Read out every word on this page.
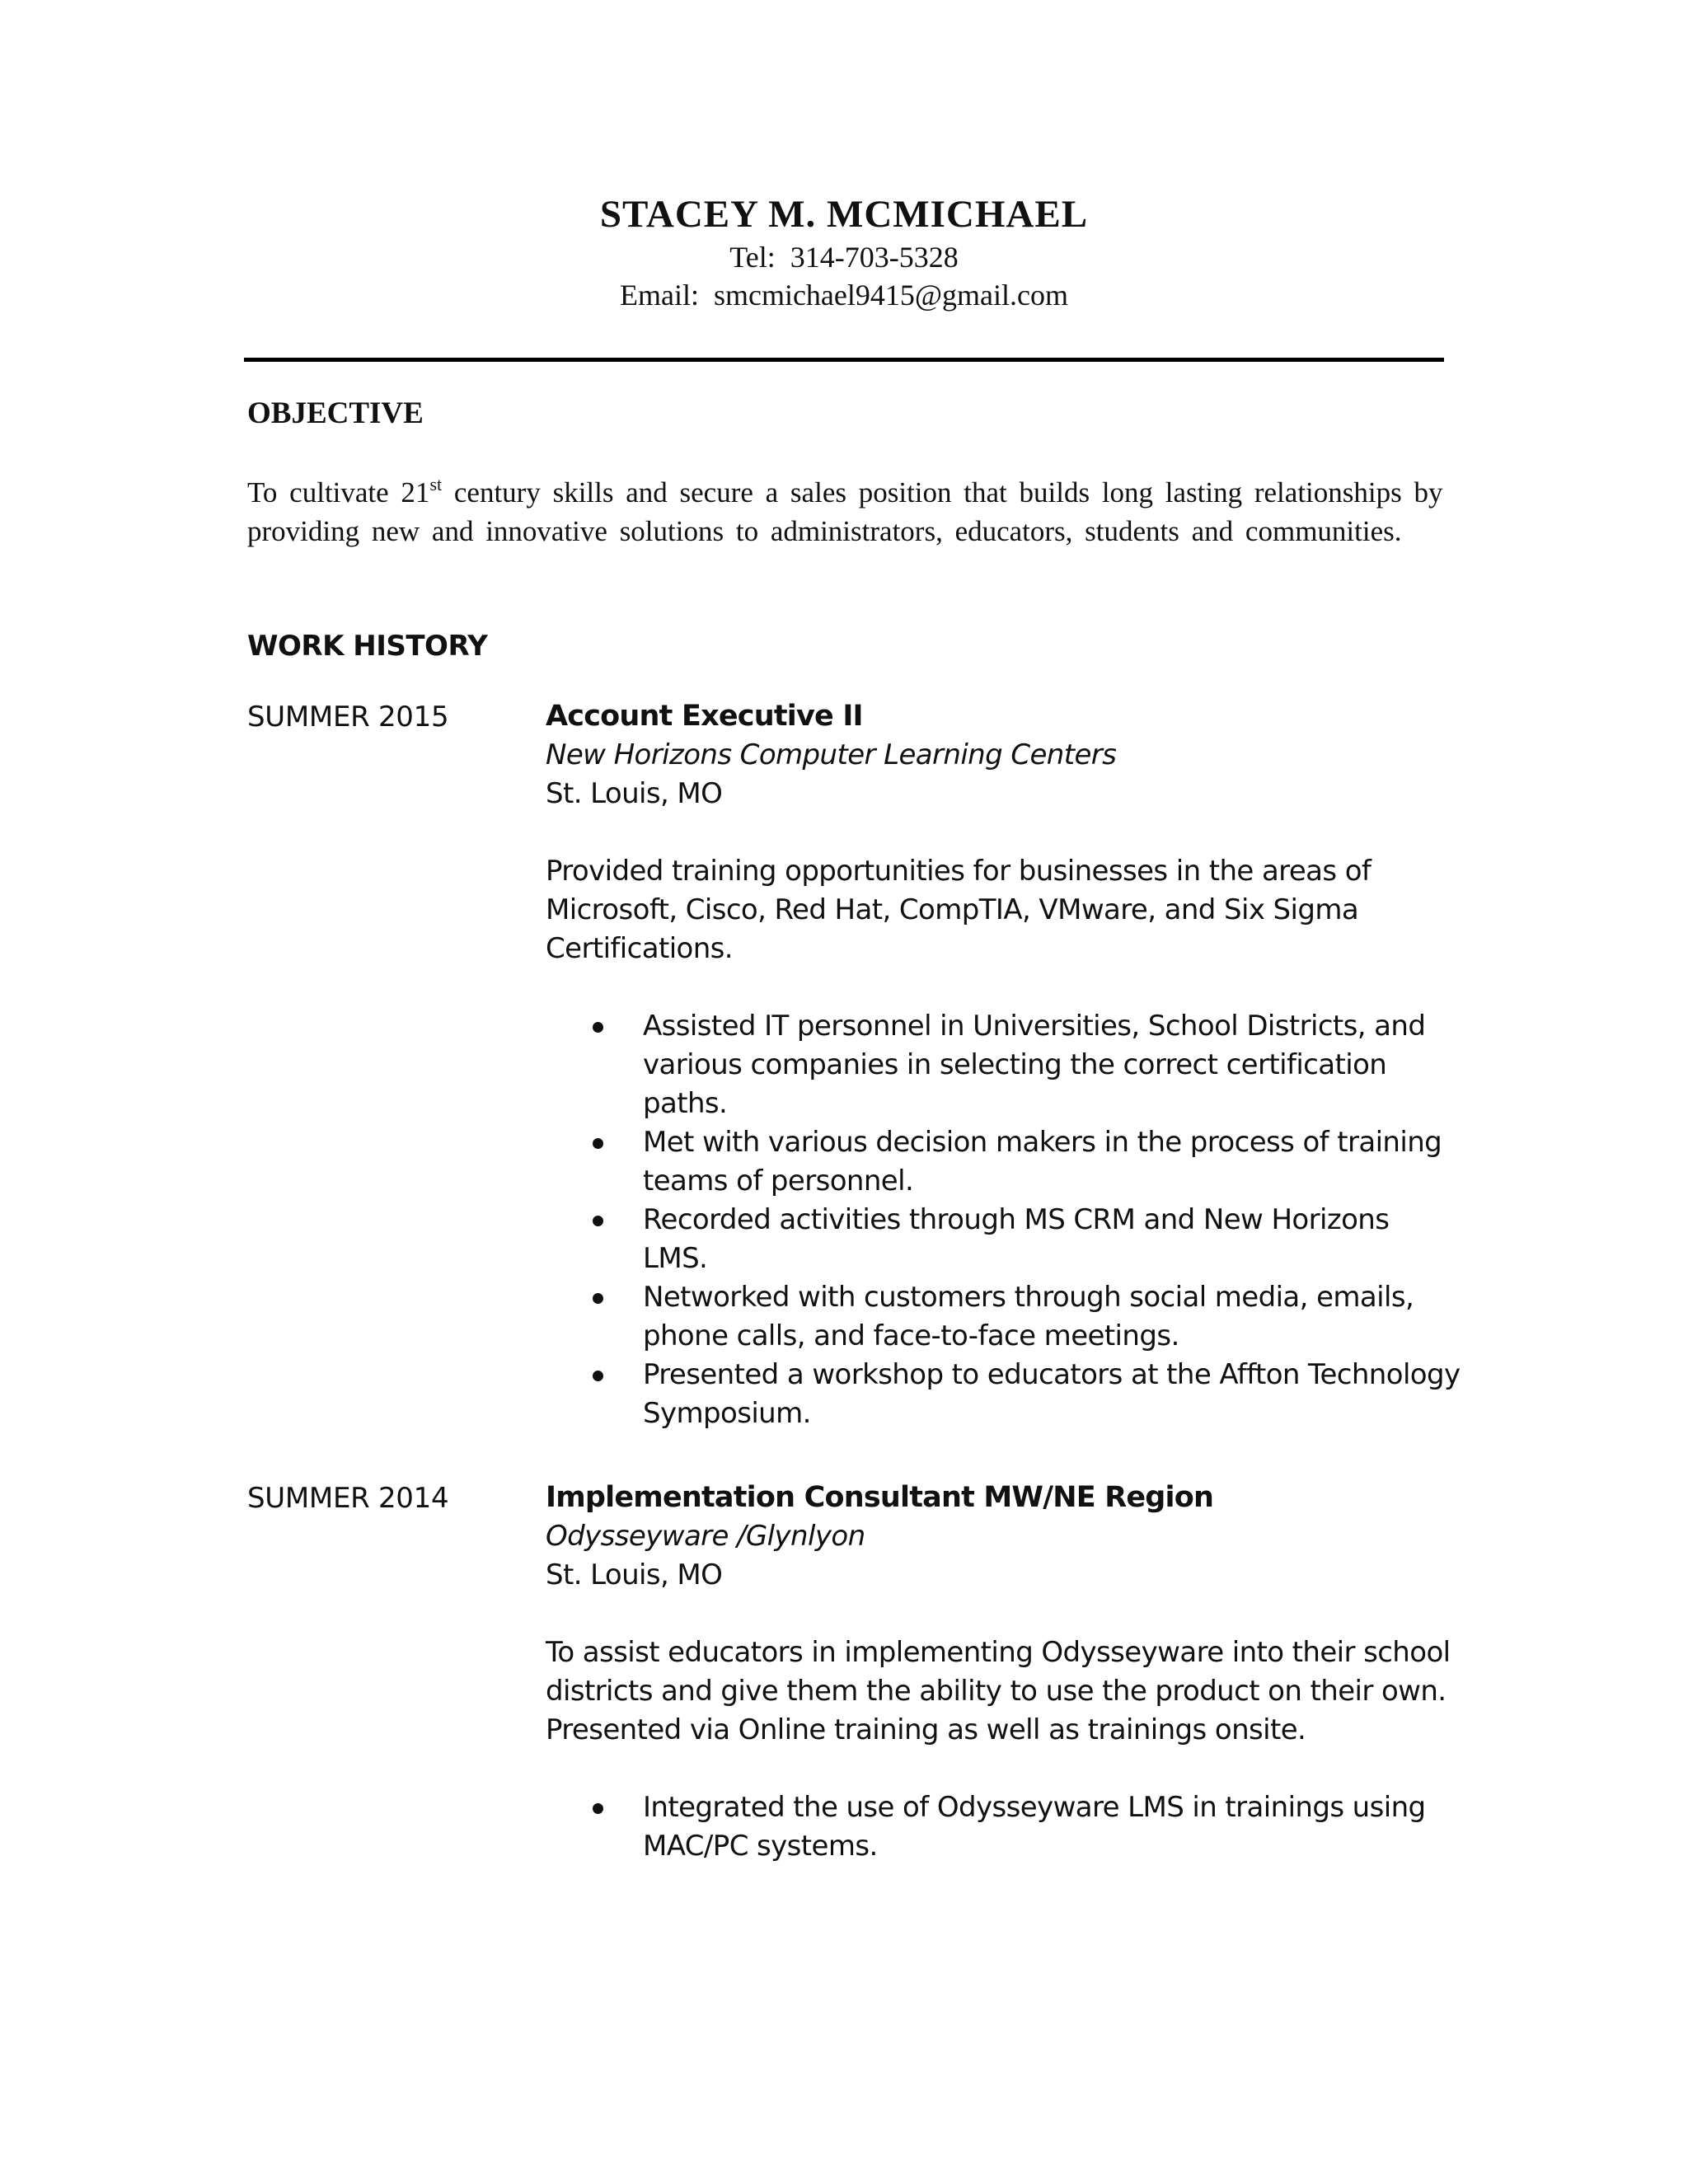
STACEY M. MCMICHAEL
Tel: 314-703-5328
Email: smcmichael9415@gmail.com
OBJECTIVE
To cultivate 21st century skills and secure a sales position that builds long lasting relationships by providing new and innovative solutions to administrators, educators, students and communities.
WORK HISTORY
SUMMER 2015	Account Executive II
New Horizons Computer Learning Centers
St. Louis, MO
Provided training opportunities for businesses in the areas of Microsoft, Cisco, Red Hat, CompTIA, VMware, and Six Sigma Certifications.
Assisted IT personnel in Universities, School Districts, and various companies in selecting the correct certification paths.
Met with various decision makers in the process of training teams of personnel.
Recorded activities through MS CRM and New Horizons LMS.
Networked with customers through social media, emails, phone calls, and face-to-face meetings.
Presented a workshop to educators at the Affton Technology Symposium.
SUMMER 2014	Implementation Consultant MW/NE Region
Odysseyware /Glynlyon
St. Louis, MO
To assist educators in implementing Odysseyware into their school districts and give them the ability to use the product on their own. Presented via Online training as well as trainings onsite.
Integrated the use of Odysseyware LMS in trainings using MAC/PC systems.
